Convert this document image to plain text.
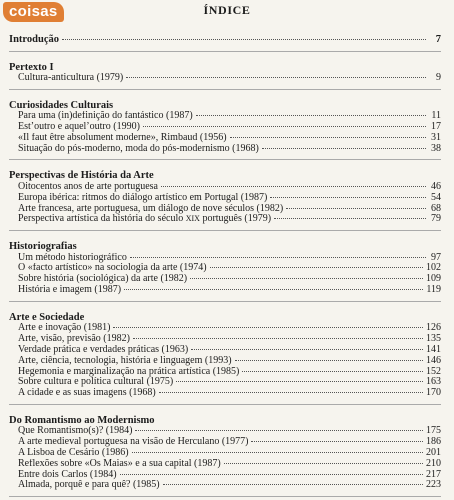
coisas	ÍNDICE
Introdução	7
Pertexto I
Cultura-anticultura (1979)	9
Curiosidades Culturais
Para uma (in)definição do fantástico (1987)	11
Est’outro e aquel’outro (1990)	17
«Il faut être absolument moderne», Rimbaud (1956)	31
Situação do pós-moderno, moda do pós-modernismo (1968)	38
Perspectivas de História da Arte
Oitocentos anos de arte portuguesa	46
Europa ibérica: ritmos do diálogo artístico em Portugal (1987)	54
Arte francesa, arte portuguesa, um diálogo de nove séculos (1982)	68
Perspectiva artística da história do século XIX português (1979)	79
Historiografias
Um método historiográfico	97
O «facto artístico» na sociologia da arte (1974)	102
Sobre história (sociológica) da arte (1982)	109
História e imagem (1987)	119
Arte e Sociedade
Arte e inovação (1981)	126
Arte, visão, previsão (1982)	135
Verdade prática e verdades práticas (1963)	141
Arte, ciência, tecnologia, história e linguagem (1993)	146
Hegemonia e marginalização na prática artística (1985)	152
Sobre cultura e política cultural (1975)	163
A cidade e as suas imagens (1968)	170
Do Romantismo ao Modernismo
Que Romantismo(s)? (1984)	175
A arte medieval portuguesa na visão de Herculano (1977)	186
A Lisboa de Cesário (1986)	201
Reflexões sobre «Os Maias» e a sua capital (1987)	210
Entre dois Carlos (1984)	217
Almada, porquê e para quê? (1985)	223
